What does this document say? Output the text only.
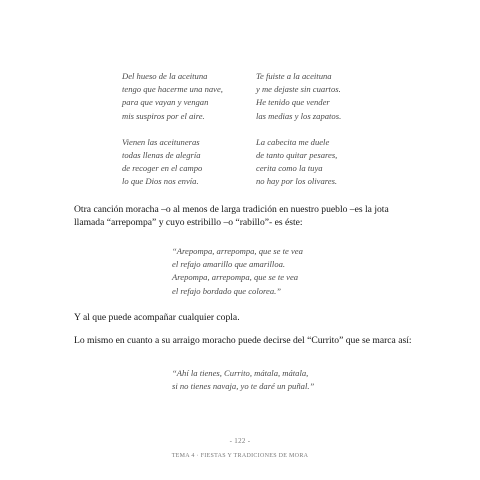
Del hueso de la aceituna
tengo que hacerme una nave,
para que vayan y vengan
mis suspiros por el aire.
Vienen las aceituneras
todas llenas de alegría
de recoger en el campo
lo que Dios nos envía.
Te fuiste a la aceituna
y me dejaste sin cuartos.
He tenido que vender
las medias y los zapatos.
La cabecita me duele
de tanto quitar pesares,
cerita como la tuya
no hay por los olivares.

Otra canción moracha –o al menos de larga tradición en nuestro pueblo –es la jota llamada “arrepompa” y cuyo estribillo –o “rabillo”- es éste:

“Arepompa, arrepompa, que se te vea
el refajo amarillo que amarilloa.
Arepompa, arrepompa, que se te vea
el refajo bordado que colorea.”

Y al que puede acompañar cualquier copla.

Lo mismo en cuanto a su arraigo moracho puede decirse del “Currito” que se marca así:

“Ahí la tienes, Currito, mátala, mátala,
si no tienes navaja, yo te daré un puñal.”
- 122 -
TEMA 4 · FIESTAS Y TRADICIONES DE MORA
